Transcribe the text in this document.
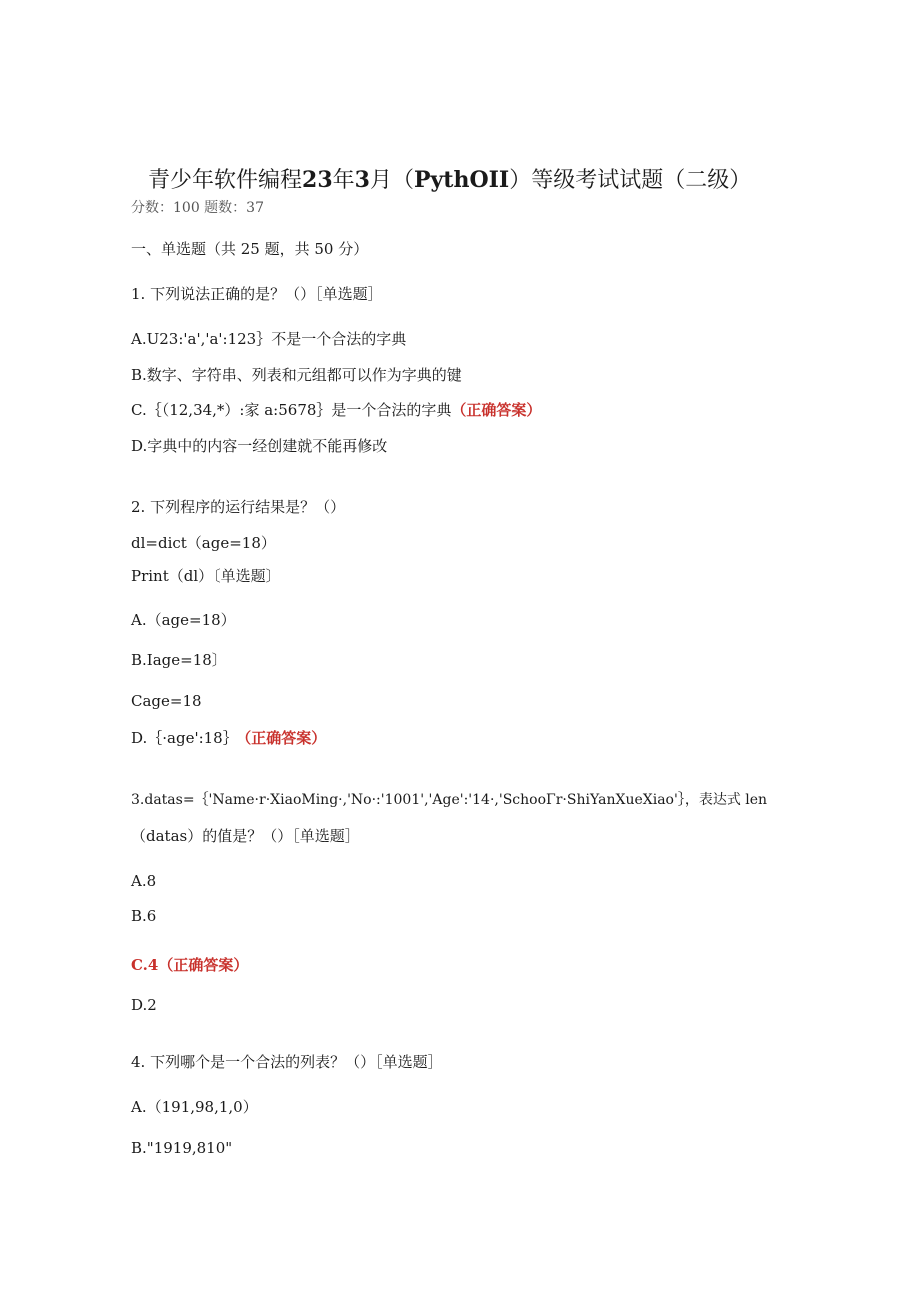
青少年软件编程23年3月（PythOII）等级考试试题（二级）
分数：100 题数：37
一、单选题（共 25 题，共 50 分）
1. 下列说法正确的是？（）［单选题］
A.U23:'a','a':123｝不是一个合法的字典
B.数字、字符串、列表和元组都可以作为字典的键
C.｛（12,34,*）:家 a:5678｝是一个合法的字典（正确答案）
D.字典中的内容一经创建就不能再修改
2. 下列程序的运行结果是？（）
dl=dict（age=18）
Print（dl）〔单选题〕
A.（age=18）
B.Iage=18〕
Cage=18
D.｛·age':18｝ （正确答案）
3.datas=｛'Name·r·XiaoMing·,'No·:'1001','Age':'14·,'SchooΓr·ShiYanXueXiao'｝，表达式 len
（datas）的值是？（）［单选题］
A.8
B.6
C.4（正确答案）
D.2
4. 下列哪个是一个合法的列表？（）［单选题］
A.（191,98,1,0）
B."1919,810"
